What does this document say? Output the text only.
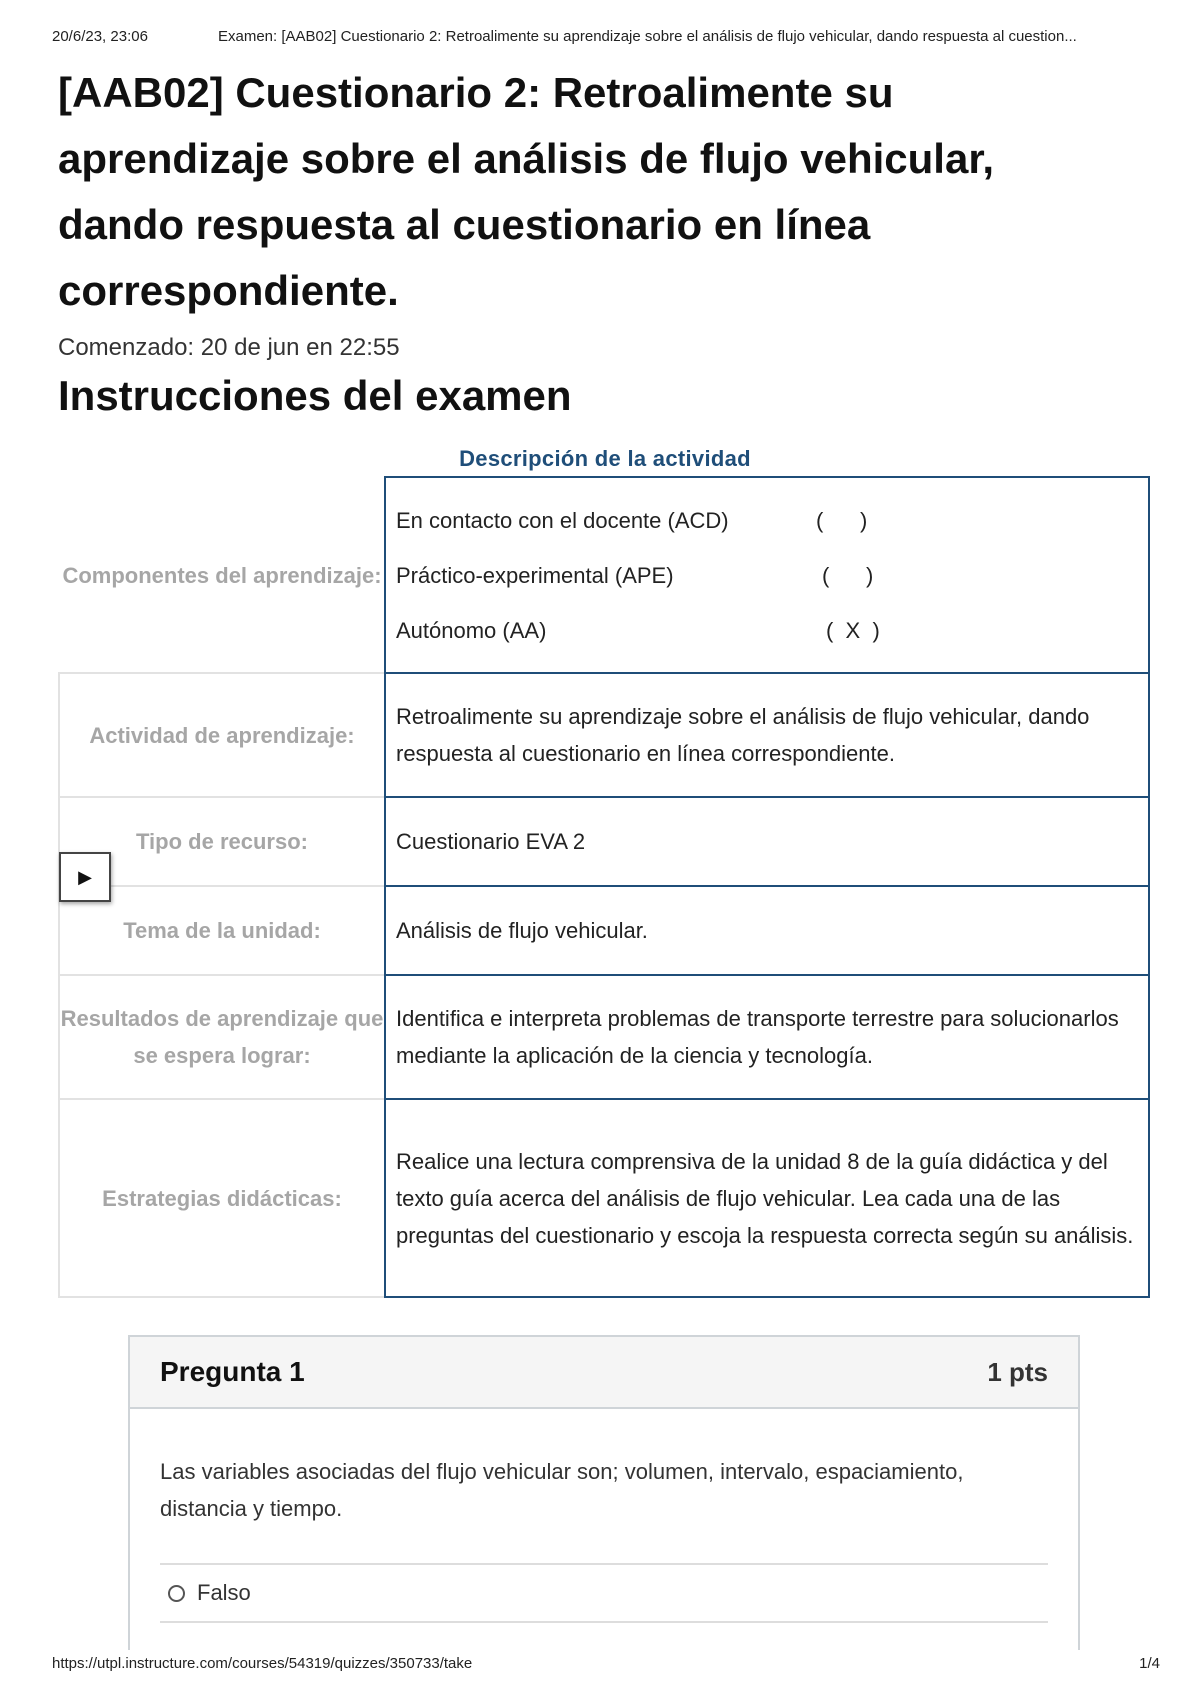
20/6/23, 23:06	Examen: [AAB02] Cuestionario 2: Retroalimente su aprendizaje sobre el análisis de flujo vehicular, dando respuesta al cuestion...
[AAB02] Cuestionario 2: Retroalimente su aprendizaje sobre el análisis de flujo vehicular, dando respuesta al cuestionario en línea correspondiente.
Comenzado: 20 de jun en 22:55
Instrucciones del examen
Descripción de la actividad
Componentes del aprendizaje:
En contacto con el docente (ACD)	(      )
Práctico-experimental (APE)	(      )
Autónomo (AA)	(  X  )
Actividad de aprendizaje:
Retroalimente su aprendizaje sobre el análisis de flujo vehicular, dando respuesta al cuestionario en línea correspondiente.
Tipo de recurso:	Cuestionario EVA 2
Tema de la unidad:	Análisis de flujo vehicular.
Resultados de aprendizaje que se espera lograr:
Identifica e interpreta problemas de transporte terrestre para solucionarlos mediante la aplicación de la ciencia y tecnología.
Estrategias didácticas:
Realice una lectura comprensiva de la unidad 8 de la guía didáctica y del texto guía acerca del análisis de flujo vehicular. Lea cada una de las preguntas del cuestionario y escoja la respuesta correcta según su análisis.
▶
Pregunta 1	1 pts

Las variables asociadas del flujo vehicular son; volumen, intervalo, espaciamiento, distancia y tiempo.

Falso
https://utpl.instructure.com/courses/54319/quizzes/350733/take	1/4
